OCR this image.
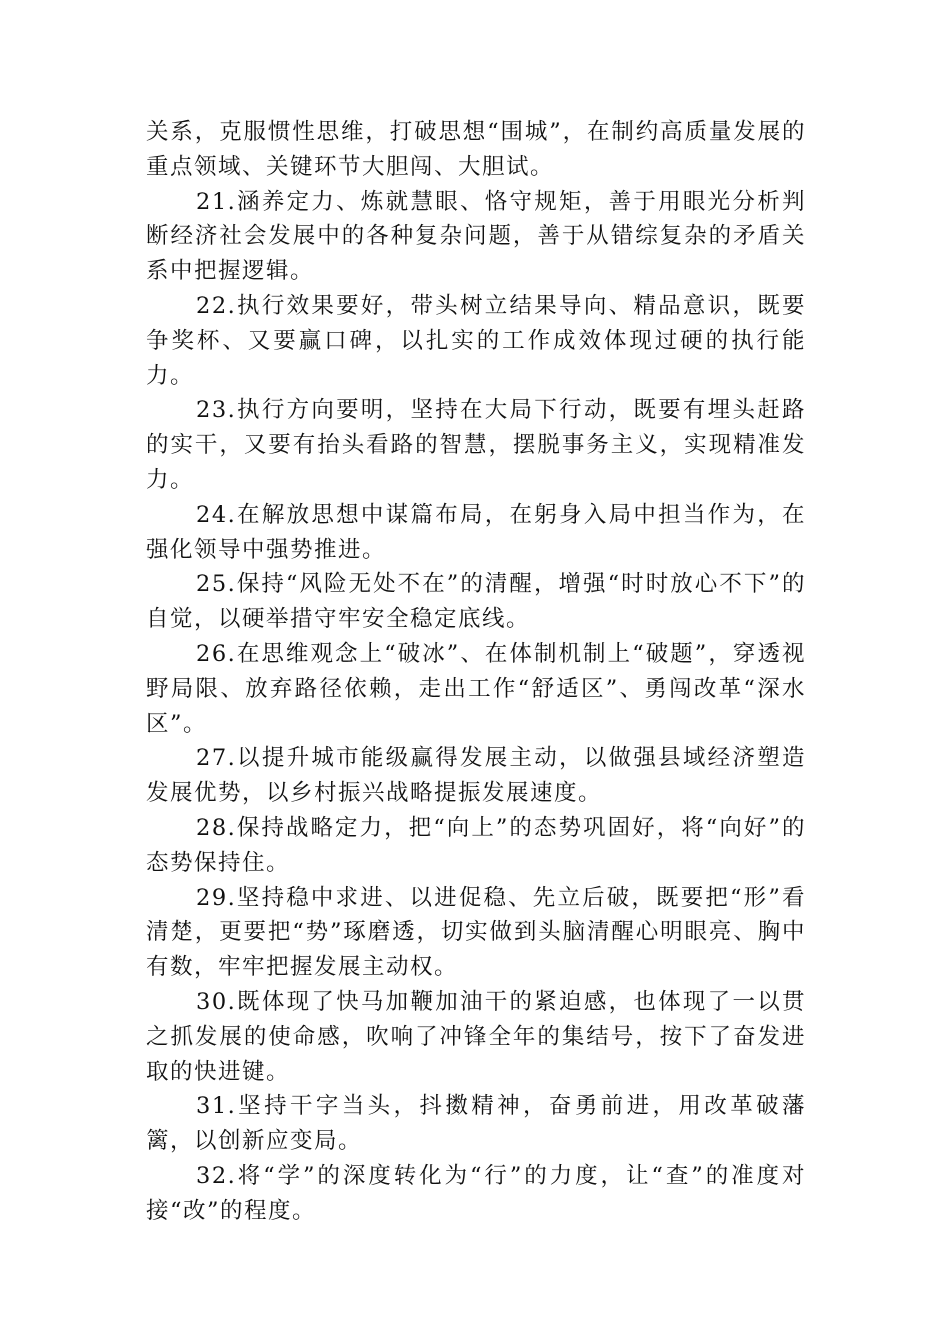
关系，克服惯性思维，打破思想“围城”，在制约高质量发展的重点领域、关键环节大胆闯、大胆试。

21.涵养定力、炼就慧眼、恪守规矩，善于用眼光分析判断经济社会发展中的各种复杂问题，善于从错综复杂的矛盾关系中把握逻辑。

22.执行效果要好，带头树立结果导向、精品意识，既要争奖杯、又要赢口碑，以扎实的工作成效体现过硬的执行能力。

23.执行方向要明，坚持在大局下行动，既要有埋头赶路的实干，又要有抬头看路的智慧，摆脱事务主义，实现精准发力。

24.在解放思想中谋篇布局，在躬身入局中担当作为，在强化领导中强势推进。

25.保持“风险无处不在”的清醒，增强“时时放心不下”的自觉，以硬举措守牢安全稳定底线。

26.在思维观念上“破冰”、在体制机制上“破题”，穿透视野局限、放弃路径依赖，走出工作“舒适区”、勇闯改革“深水区”。

27.以提升城市能级赢得发展主动，以做强县域经济塑造发展优势，以乡村振兴战略提振发展速度。

28.保持战略定力，把“向上”的态势巩固好，将“向好”的态势保持住。

29.坚持稳中求进、以进促稳、先立后破，既要把“形”看清楚，更要把“势”琢磨透，切实做到头脑清醒心明眼亮、胸中有数，牢牢把握发展主动权。

30.既体现了快马加鞭加油干的紧迫感，也体现了一以贯之抓发展的使命感，吹响了冲锋全年的集结号，按下了奋发进取的快进键。

31.坚持干字当头，抖擞精神，奋勇前进，用改革破藩篱，以创新应变局。

32.将“学”的深度转化为“行”的力度，让“查”的准度对接“改”的程度。
